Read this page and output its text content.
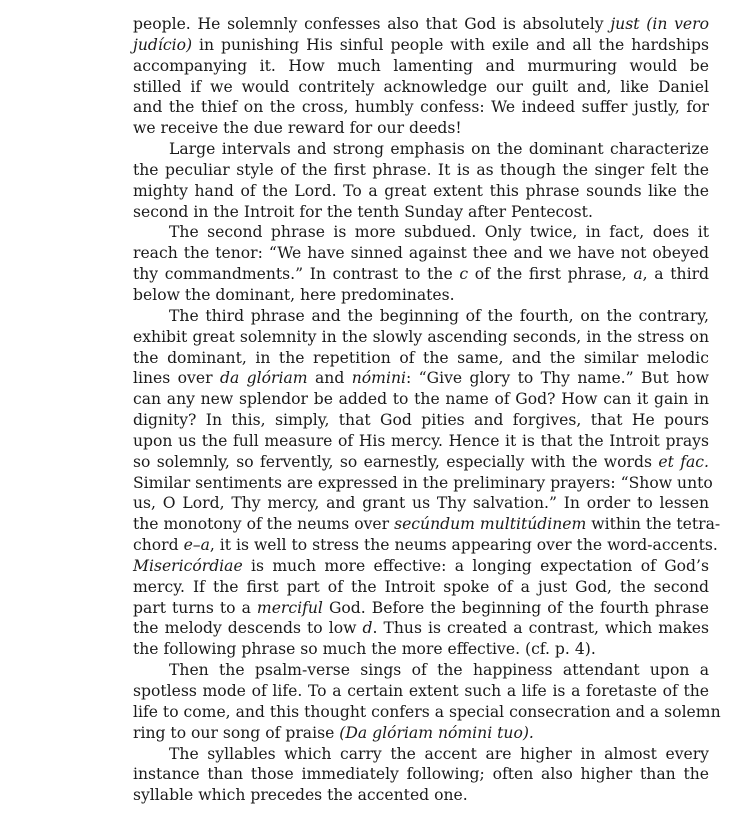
people. He solemnly confesses also that God is absolutely just (in vero
judício) in punishing His sinful people with exile and all the hardships
accompanying it. How much lamenting and murmuring would be
stilled if we would contritely acknowledge our guilt and, like Daniel
and the thief on the cross, humbly confess: We indeed suffer justly, for
we receive the due reward for our deeds!
Large intervals and strong emphasis on the dominant characterize
the peculiar style of the first phrase. It is as though the singer felt the
mighty hand of the Lord. To a great extent this phrase sounds like the
second in the Introit for the tenth Sunday after Pentecost.
The second phrase is more subdued. Only twice, in fact, does it
reach the tenor: “We have sinned against thee and we have not obeyed
thy commandments.” In contrast to the c of the first phrase, a, a third
below the dominant, here predominates.
The third phrase and the beginning of the fourth, on the contrary,
exhibit great solemnity in the slowly ascending seconds, in the stress on
the dominant, in the repetition of the same, and the similar melodic
lines over da glóriam and nómini: “Give glory to Thy name.” But how
can any new splendor be added to the name of God? How can it gain in
dignity? In this, simply, that God pities and forgives, that He pours
upon us the full measure of His mercy. Hence it is that the Introit prays
so solemnly, so fervently, so earnestly, especially with the words et fac.
Similar sentiments are expressed in the preliminary prayers: “Show unto
us, O Lord, Thy mercy, and grant us Thy salvation.” In order to lessen
the monotony of the neums over secúndum multitúdinem within the tetra-
chord e–a, it is well to stress the neums appearing over the word-accents.
Misericórdiae is much more effective: a longing expectation of God’s
mercy. If the first part of the Introit spoke of a just God, the second
part turns to a merciful God. Before the beginning of the fourth phrase
the melody descends to low d. Thus is created a contrast, which makes
the following phrase so much the more effective. (cf. p. 4).
Then the psalm-verse sings of the happiness attendant upon a
spotless mode of life. To a certain extent such a life is a foretaste of the
life to come, and this thought confers a special consecration and a solemn
ring to our song of praise (Da glóriam nómini tuo).
The syllables which carry the accent are higher in almost every
instance than those immediately following; often also higher than the
syllable which precedes the accented one.
